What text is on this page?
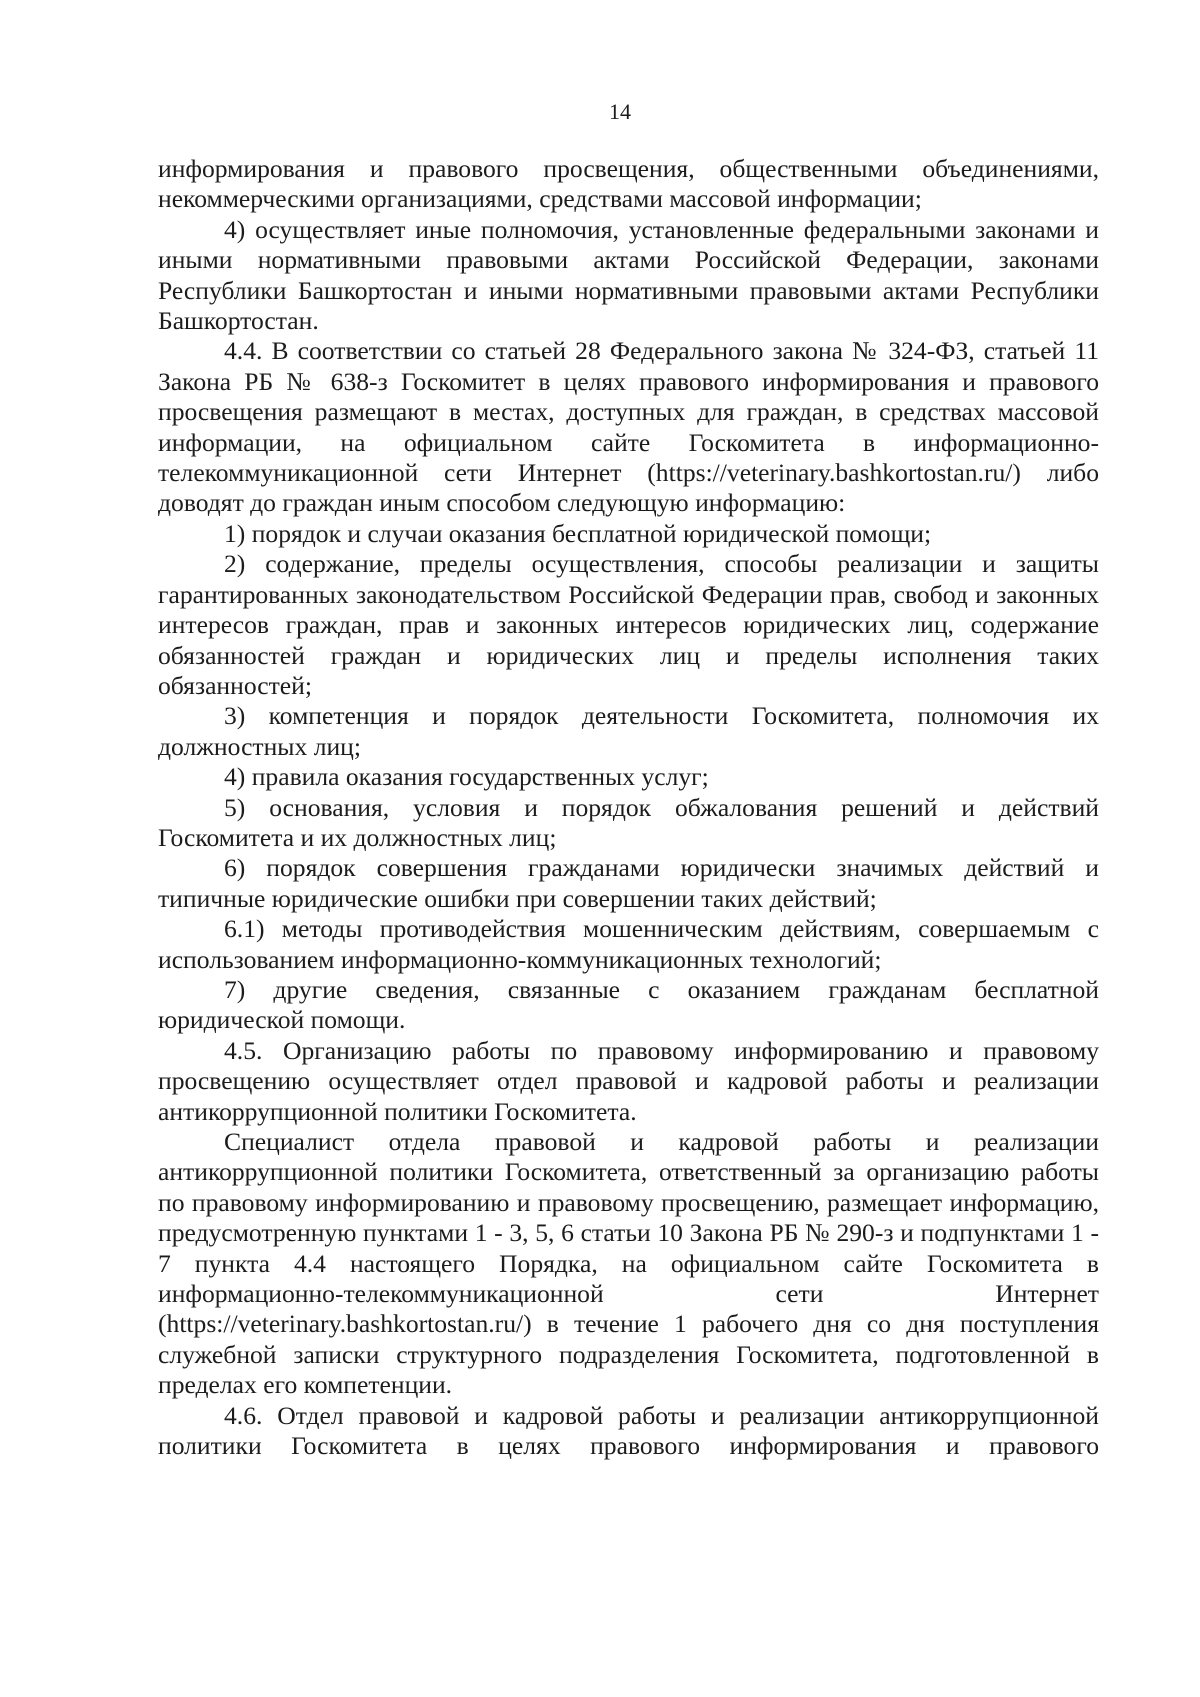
14

информирования и правового просвещения, общественными объединениями, некоммерческими организациями, средствами массовой информации;

4) осуществляет иные полномочия, установленные федеральными законами и иными нормативными правовыми актами Российской Федерации, законами Республики Башкортостан и иными нормативными правовыми актами Республики Башкортостан.

4.4. В соответствии со статьей 28 Федерального закона № 324-ФЗ, статьей 11 Закона РБ № 638-з Госкомитет в целях правового информирования и правового просвещения размещают в местах, доступных для граждан, в средствах массовой информации, на официальном сайте Госкомитета в информационно-телекоммуникационной сети Интернет (https://veterinary.bashkortostan.ru/) либо доводят до граждан иным способом следующую информацию:

1) порядок и случаи оказания бесплатной юридической помощи;

2) содержание, пределы осуществления, способы реализации и защиты гарантированных законодательством Российской Федерации прав, свобод и законных интересов граждан, прав и законных интересов юридических лиц, содержание обязанностей граждан и юридических лиц и пределы исполнения таких обязанностей;

3) компетенция и порядок деятельности Госкомитета, полномочия их должностных лиц;

4) правила оказания государственных услуг;

5) основания, условия и порядок обжалования решений и действий Госкомитета и их должностных лиц;

6) порядок совершения гражданами юридически значимых действий и типичные юридические ошибки при совершении таких действий;

6.1) методы противодействия мошенническим действиям, совершаемым с использованием информационно-коммуникационных технологий;

7) другие сведения, связанные с оказанием гражданам бесплатной юридической помощи.

4.5. Организацию работы по правовому информированию и правовому просвещению осуществляет отдел правовой и кадровой работы и реализации антикоррупционной политики Госкомитета.

Специалист отдела правовой и кадровой работы и реализации антикоррупционной политики Госкомитета, ответственный за организацию работы по правовому информированию и правовому просвещению, размещает информацию, предусмотренную пунктами 1 - 3, 5, 6 статьи 10 Закона РБ № 290-з и подпунктами 1 - 7 пункта 4.4 настоящего Порядка, на официальном сайте Госкомитета в информационно-телекоммуникационной сети Интернет (https://veterinary.bashkortostan.ru/) в течение 1 рабочего дня со дня поступления служебной записки структурного подразделения Госкомитета, подготовленной в пределах его компетенции.

4.6. Отдел правовой и кадровой работы и реализации антикоррупционной политики Госкомитета в целях правового информирования и правового
